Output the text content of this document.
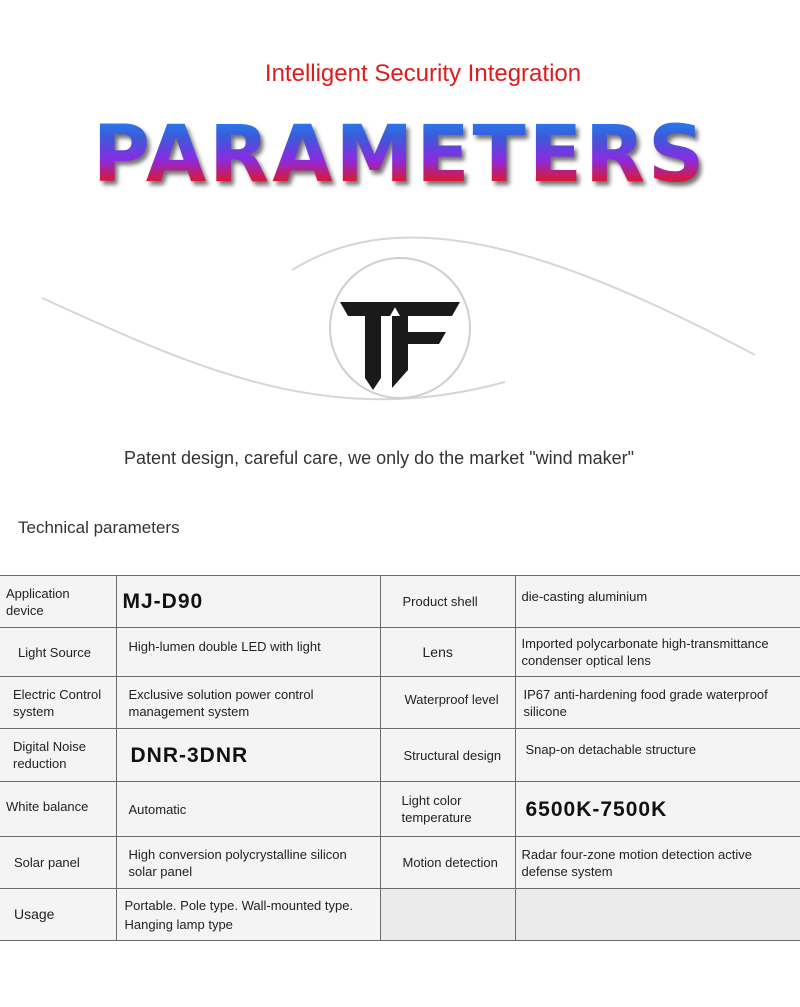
Intelligent Security Integration
PARAMETERS
Patent design, careful care, we only do the market "wind maker"
Technical parameters
Application device	MJ-D90	Product shell	die-casting aluminium
Light Source	High-lumen double LED with light	Lens	Imported polycarbonate high-transmittance condenser optical lens
Electric Control system	Exclusive solution power control management system	Waterproof level	IP67 anti-hardening food grade waterproof silicone
Digital Noise reduction	DNR-3DNR	Structural design	Snap-on detachable structure
White balance	Automatic	Light color temperature	6500K-7500K
Solar panel	High conversion polycrystalline silicon solar panel	Motion detection	Radar four-zone motion detection active defense system
Usage	Portable. Pole type. Wall-mounted type. Hanging lamp type		
